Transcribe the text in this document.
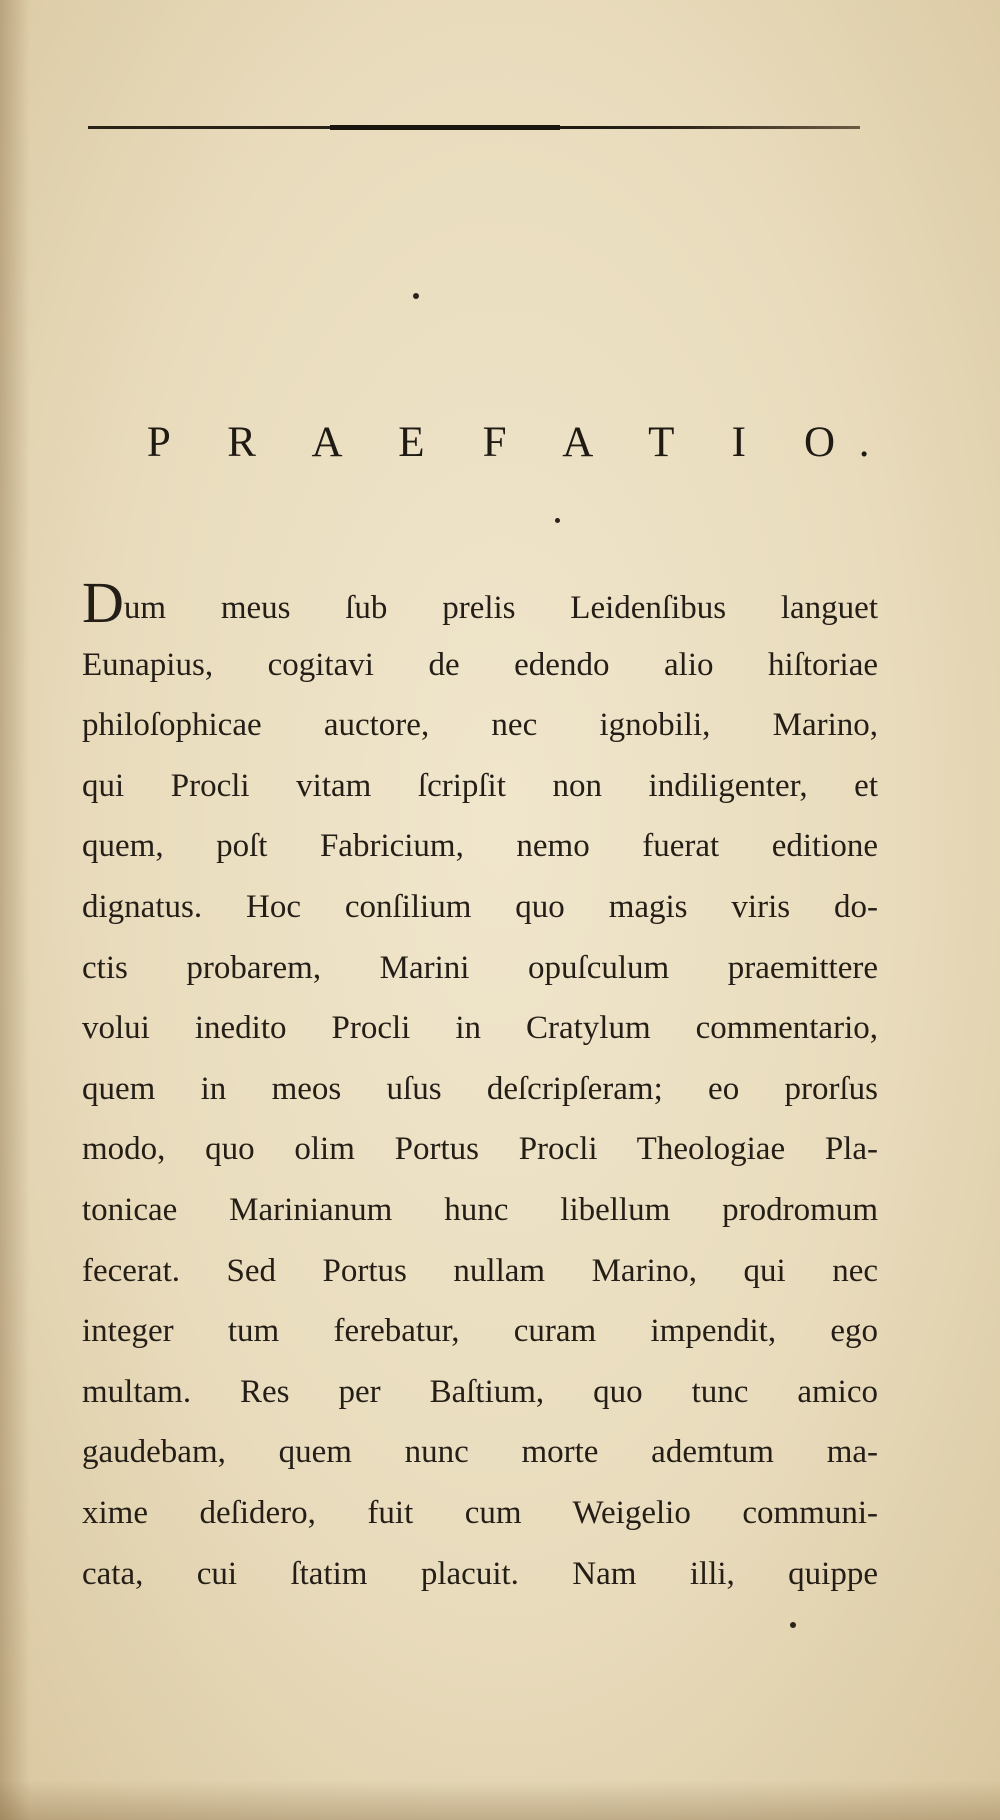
P R A E F A T I O.
Dum meus ſub prelis Leidenſibus languet
Eunapius, cogitavi de edendo alio hiſtoriae
philoſophicae auctore, nec ignobili, Marino,
qui Procli vitam ſcripſit non indiligenter, et
quem, poſt Fabricium, nemo fuerat editione
dignatus. Hoc conſilium quo magis viris do-
ctis probarem, Marini opuſculum praemittere
volui inedito Procli in Cratylum commentario,
quem in meos uſus deſcripſeram; eo prorſus
modo, quo olim Portus Procli Theologiae Pla-
tonicae Marinianum hunc libellum prodromum
fecerat. Sed Portus nullam Marino, qui nec
integer tum ferebatur, curam impendit, ego
multam. Res per Baſtium, quo tunc amico
gaudebam, quem nunc morte ademtum ma-
xime deſidero, fuit cum Weigelio communi-
cata, cui ſtatim placuit. Nam illi, quippe
